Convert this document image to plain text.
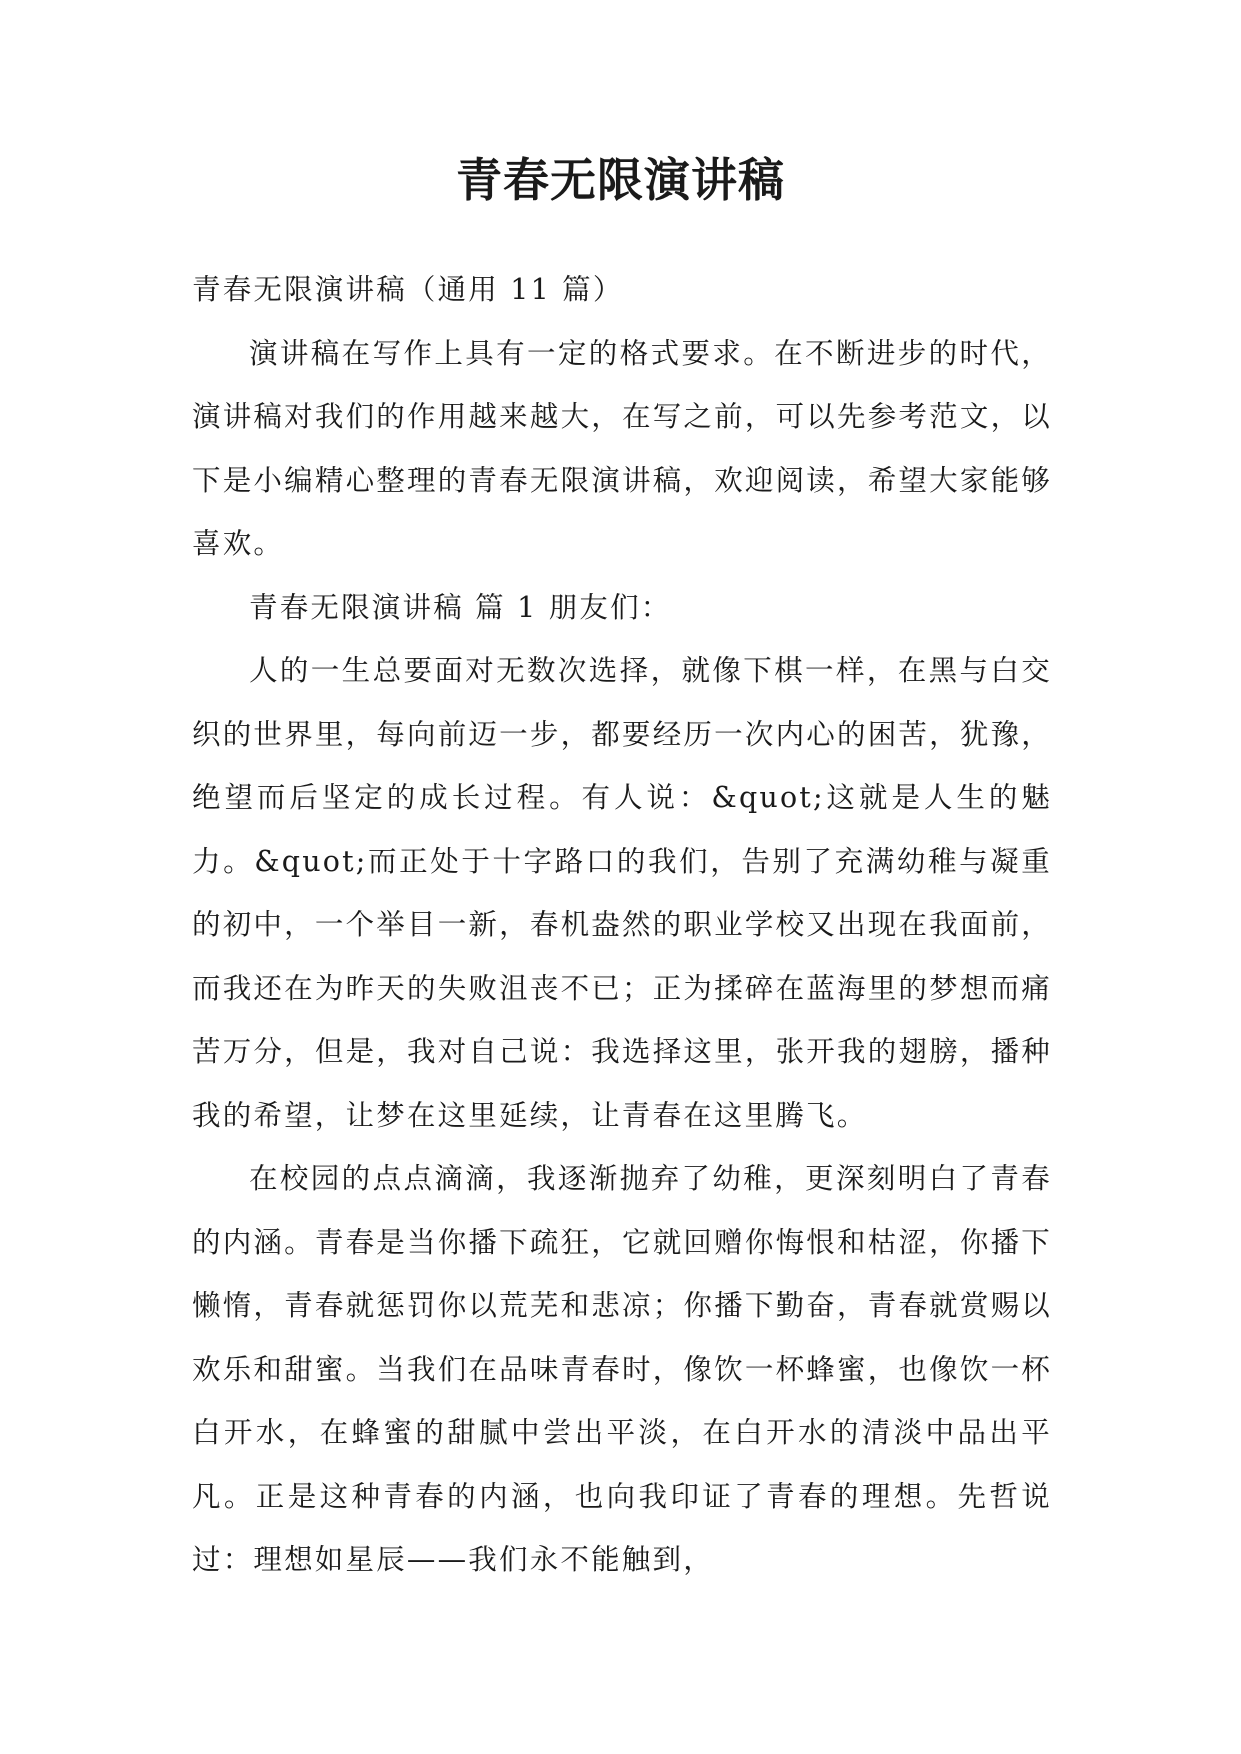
青春无限演讲稿

青春无限演讲稿（通用 11 篇）

演讲稿在写作上具有一定的格式要求。在不断进步的时代，演讲稿对我们的作用越来越大，在写之前，可以先参考范文，以下是小编精心整理的青春无限演讲稿，欢迎阅读，希望大家能够喜欢。

青春无限演讲稿 篇 1 朋友们：

人的一生总要面对无数次选择，就像下棋一样，在黑与白交织的世界里，每向前迈一步，都要经历一次内心的困苦，犹豫，绝望而后坚定的成长过程。有人说：&quot;这就是人生的魅力。&quot;而正处于十字路口的我们，告别了充满幼稚与凝重的初中，一个举目一新，春机盎然的职业学校又出现在我面前，而我还在为昨天的失败沮丧不已；正为揉碎在蓝海里的梦想而痛苦万分，但是，我对自己说：我选择这里，张开我的翅膀，播种我的希望，让梦在这里延续，让青春在这里腾飞。

在校园的点点滴滴，我逐渐抛弃了幼稚，更深刻明白了青春的内涵。青春是当你播下疏狂，它就回赠你悔恨和枯涩，你播下懒惰，青春就惩罚你以荒芜和悲凉；你播下勤奋，青春就赏赐以欢乐和甜蜜。当我们在品味青春时，像饮一杯蜂蜜，也像饮一杯白开水，在蜂蜜的甜腻中尝出平淡，在白开水的清淡中品出平凡。正是这种青春的内涵，也向我印证了青春的理想。先哲说过：理想如星辰——我们永不能触到，
